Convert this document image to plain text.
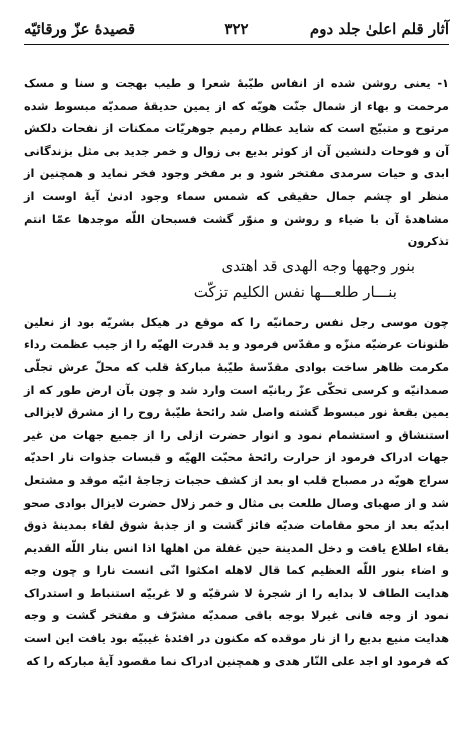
آثار قلم اعلیٰ جلد دوم
۳۲۲
قصيدهٔ عزّ ورقائيّه

۱- یعنی روشن شده از انفاس طیّبهٔ شعرا و طیب بهجت و سنا و مسک مرحمت و بهاء از شمال جنّت هویّه که از یمین حدیقهٔ صمدیّه مبسوط شده مرتوح و متبیّج است که شاید عظام رمیم جوهریّات ممکنات از نفحات دلکش آن و فوحات دلنشین آن از کوثر بدیع بی زوال و خمر جدید بی مثل بزندگانی ابدی و حیات سرمدی مفتخر شود و بر مفخر وجود فخر نماید و همچنین از منظر او چشم جمال حقیقی که شمس سماء وجود ادنیٰ آیهٔ اوست از مشاهدهٔ آن با ضیاء و روشن و منوّر گشت فسبحان اللّه موجدها عمّا انتم تذکرون

بنور وجهها وجه الهدی قد اهتدی

بنـــار طلعـــها نفس الکلیم تزکّت

چون موسی رجل نفس رحمانیّه را که موقع در هیکل بشریّه بود از نعلین ظنونات عرضیّه منزّه و مقدّس فرمود و ید قدرت الهیّه را از جیب عظمت رداء مکرمت ظاهر ساخت بوادی مقدّسهٔ طیّبهٔ مبارکهٔ قلب که محلّ عرش تجلّی صمدانیّه و کرسی تحکّی عزّ ربانیّه است وارد شد و چون بآن ارض طور که از یمین بقعهٔ نور مبسوط گشته واصل شد رائحهٔ طیّبهٔ روح را از مشرق لایزالی استنشاق و استشمام نمود و انوار حضرت ازلی را از جمیع جهات من غیر جهات ادراک فرمود از حرارت رائحهٔ محبّت الهیّه و قبسات جذوات نار احدیّه سراج هویّه در مصباح قلب او بعد از کشف حجبات زجاجهٔ انیّه موقد و مشتعل شد و از صهبای وصال طلعت بی مثال و خمر زلال حضرت لایزال بوادی صحو ابدیّه بعد از محو مقامات ضدیّه فائز گشت و از جذبهٔ شوق لقاء بمدینهٔ ذوق بقاء اطلاع یافت و دخل المدینة حین غفلة من اهلها اذا انس بنار اللّه القدیم و اضاء بنور اللّه العظیم کما قال لاهله امکثوا انّی انست نارا و چون وجه هدایت الطاف لا بدایه را از شجرهٔ لا شرقیّه و لا غربیّه استنباط و استدراک نمود از وجه فانی غیرلا بوجه باقی صمدیّه مشرّف و مفتخر گشت و وجه هدایت منیع بدیع را از نار موقده که مکنون در افئدهٔ غیبیّه بود یافت این است که فرمود او اجد علی النّار هدی و همچنین ادراک نما مقصود آیهٔ مبارکه را که
